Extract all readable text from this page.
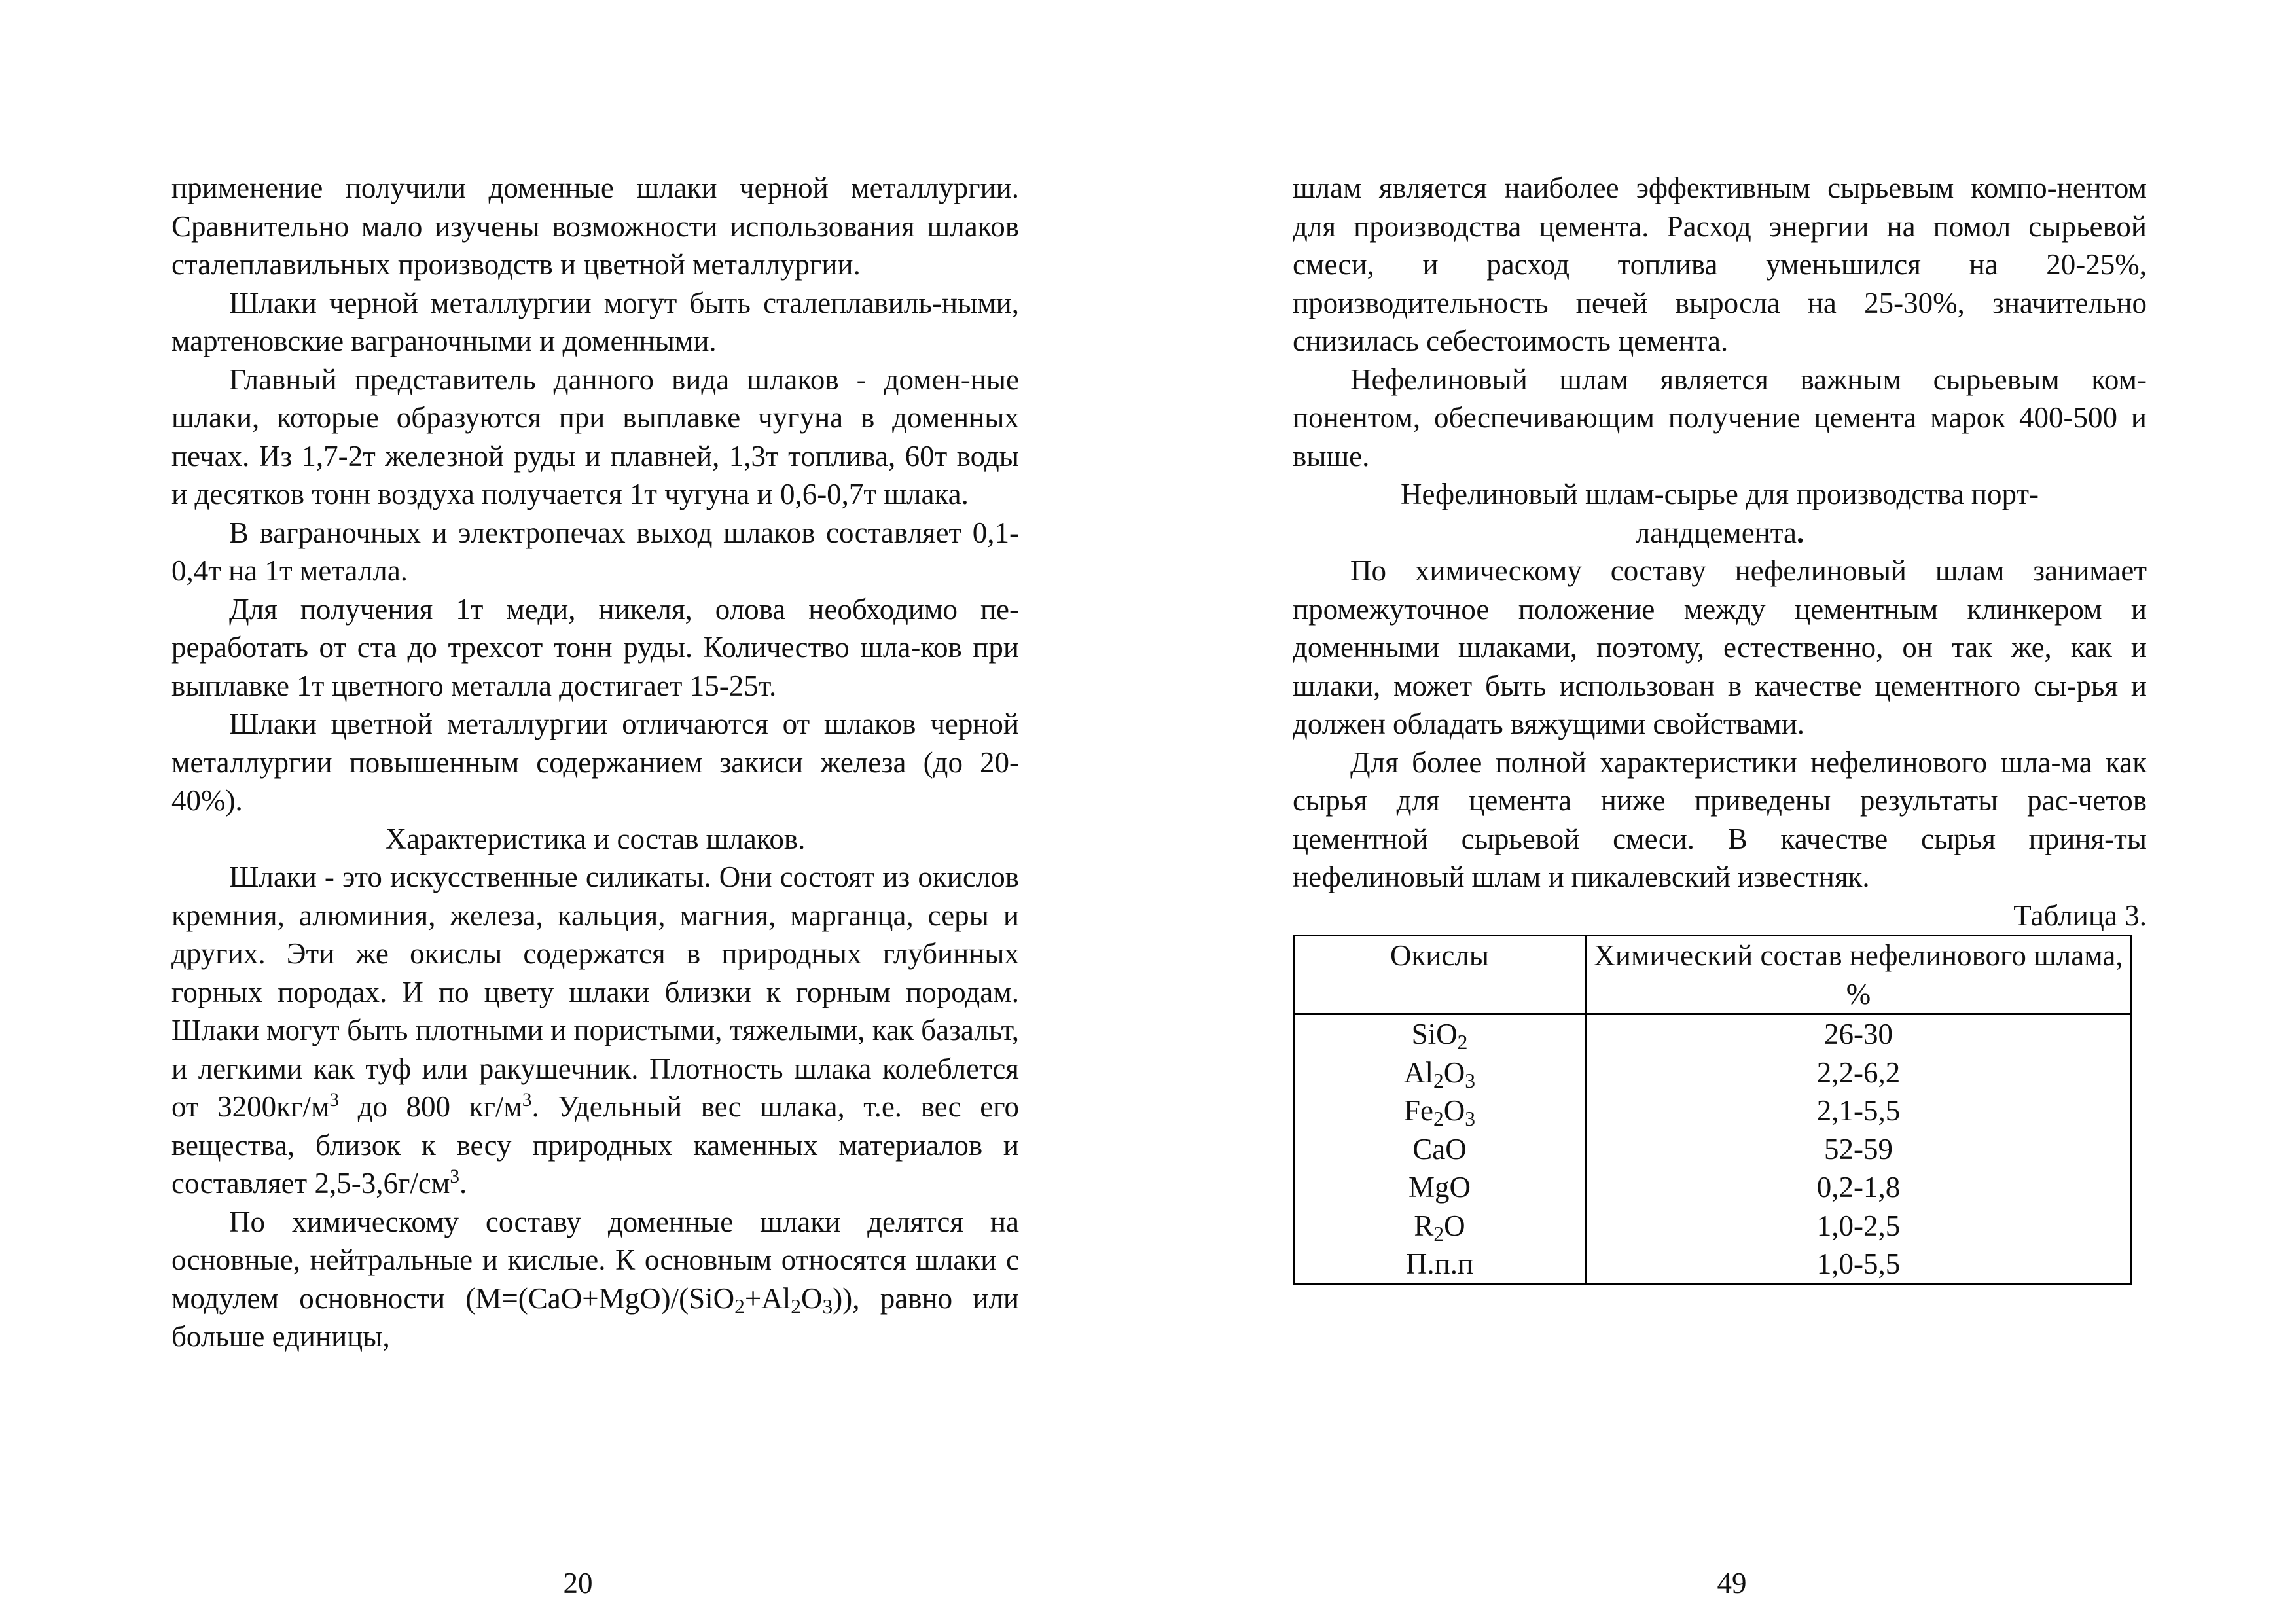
применение получили доменные шлаки черной металлургии. Сравнительно мало изучены возможности использования шлаков сталеплавильных производств и цветной металлургии.

Шлаки черной металлургии могут быть сталеплавиль-ными, мартеновские ваграночными и доменными.

Главный представитель данного вида шлаков - домен-ные шлаки, которые образуются при выплавке чугуна в доменных печах. Из 1,7-2т железной руды и плавней, 1,3т топлива, 60т воды и десятков тонн воздуха получается 1т чугуна и 0,6-0,7т шлака.

В ваграночных и электропечах выход шлаков составляет 0,1-0,4т на 1т металла.

Для получения 1т меди, никеля, олова необходимо пе-реработать от ста до трехсот тонн руды. Количество шла-ков при выплавке 1т цветного металла достигает 15-25т.

Шлаки цветной металлургии отличаются от шлаков черной металлургии повышенным содержанием закиси железа (до 20-40%).

Характеристика и состав шлаков.

Шлаки - это искусственные силикаты. Они состоят из окислов кремния, алюминия, железа, кальция, магния, марганца, серы и других. Эти же окислы содержатся в природных глубинных горных породах. И по цвету шлаки близки к горным породам. Шлаки могут быть плотными и пористыми, тяжелыми, как базальт, и легкими как туф или ракушечник. Плотность шлака колеблется от $3200кг/м^3$ до 800 $кг/м^3$. Удельный вес шлака, т.е. вес его вещества, близок к весу природных каменных материалов и составляет $2,5-3,6г/см^3$.

По химическому составу доменные шлаки делятся на основные, нейтральные и кислые. К основным относятся шлаки с модулем основности $(М=(CaO+MgO)/(SiO_2+Al_2O_3))$, равно или больше единицы,

20

шлам является наиболее эффективным сырьевым компо-нентом для производства цемента. Расход энергии на помол сырьевой смеси, и расход топлива уменьшился на 20-25%, производительность печей выросла на 25-30%, значительно снизилась себестоимость цемента.

Нефелиновый шлам является важным сырьевым ком-понентом, обеспечивающим получение цемента марок 400-500 и выше.

Нефелиновый шлам-сырье для производства порт-
ландцемента.

По химическому составу нефелиновый шлам занимает промежуточное положение между цементным клинкером и доменными шлаками, поэтому, естественно, он так же, как и шлаки, может быть использован в качестве цементного сы-рья и должен обладать вяжущими свойствами.

Для более полной характеристики нефелинового шла-ма как сырья для цемента ниже приведены результаты рас-четов цементной сырьевой смеси. В качестве сырья приня-ты нефелиновый шлам и пикалевский известняк.

Таблица 3.

Окислы	Химический состав нефелинового шлама, %
SiO$_2$	26-30
$Al_2O_3$	2,2-6,2
$Fe_2O_3$	2,1-5,5
CaO	52-59
MgO	0,2-1,8
$R_2O$	1,0-2,5
П.п.п	1,0-5,5
49
